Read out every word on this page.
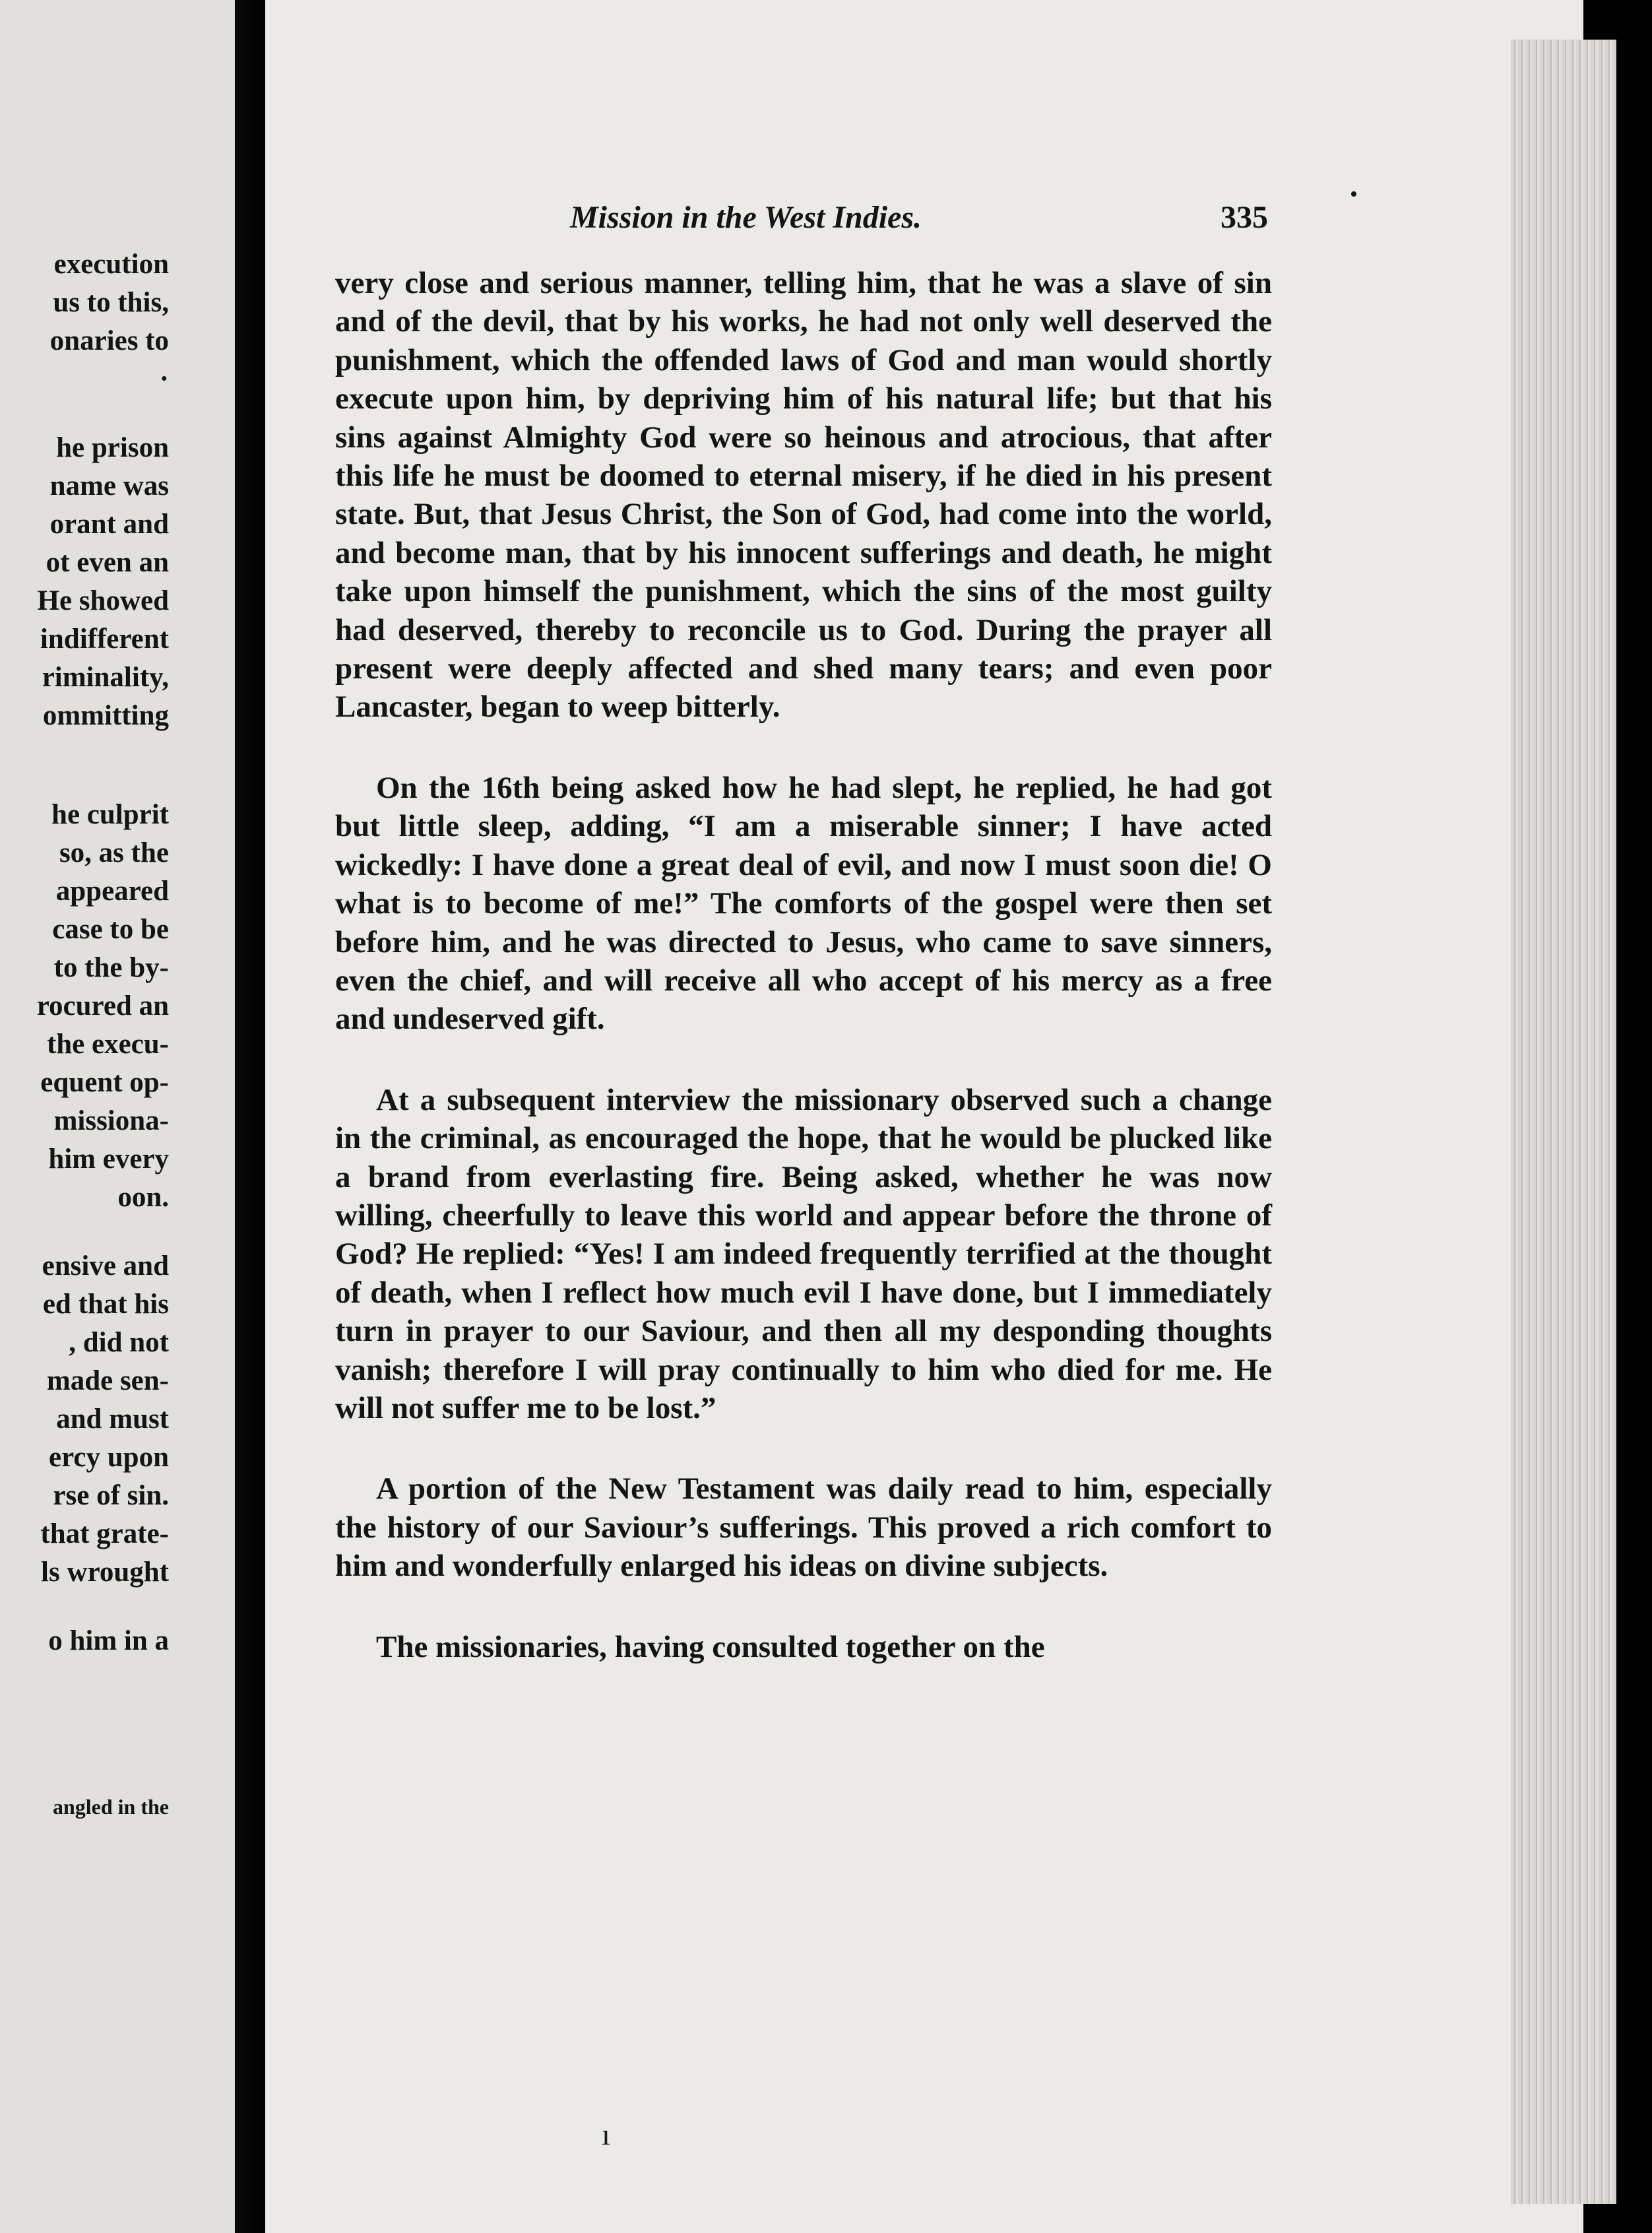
execution
us to this,
onaries to
·
he prison
name was
orant and
ot even an
He showed
indifferent
riminality,
ommitting
he culprit
so, as the
appeared
case to be
to the by-
rocured an
the execu-
equent op-
missiona-
him every
oon.
ensive and
ed that his
, did not
made sen-
and must
ercy upon
rse of sin.
that grate-
ls wrought
o him in a
angled in the
•
Mission in the West Indies.	335

very close and serious manner, telling him, that he was a slave of sin and of the devil, that by his works, he had not only well deserved the punishment, which the offended laws of God and man would shortly execute upon him, by depriving him of his natural life; but that his sins against Almighty God were so heinous and atrocious, that after this life he must be doomed to eternal misery, if he died in his present state. But, that Jesus Christ, the Son of God, had come into the world, and become man, that by his innocent sufferings and death, he might take upon himself the punishment, which the sins of the most guilty had deserved, thereby to reconcile us to God. During the prayer all present were deeply affected and shed many tears; and even poor Lancaster, began to weep bitterly.

On the 16th being asked how he had slept, he replied, he had got but little sleep, adding, “I am a miserable sinner; I have acted wickedly: I have done a great deal of evil, and now I must soon die! O what is to become of me!” The comforts of the gospel were then set before him, and he was directed to Jesus, who came to save sinners, even the chief, and will receive all who accept of his mercy as a free and undeserved gift.

At a subsequent interview the missionary observed such a change in the criminal, as encouraged the hope, that he would be plucked like a brand from everlasting fire. Being asked, whether he was now willing, cheerfully to leave this world and appear before the throne of God? He replied: “Yes! I am indeed frequently terrified at the thought of death, when I reflect how much evil I have done, but I immediately turn in prayer to our Saviour, and then all my desponding thoughts vanish; therefore I will pray continually to him who died for me. He will not suffer me to be lost.”

A portion of the New Testament was daily read to him, especially the history of our Saviour’s sufferings. This proved a rich comfort to him and wonderfully enlarged his ideas on divine subjects.

The missionaries, having consulted together on the

ı
